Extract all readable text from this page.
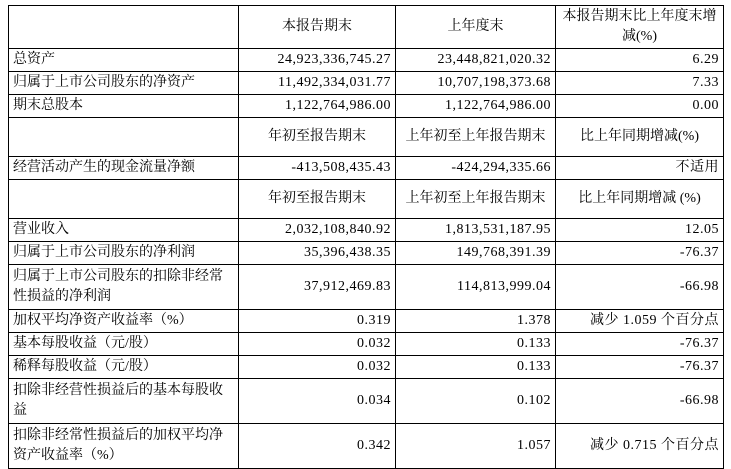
	本报告期末	上年度末	本报告期末比上年度末增减(%)
总资产	24,923,336,745.27	23,448,821,020.32	6.29
归属于上市公司股东的净资产	11,492,334,031.77	10,707,198,373.68	7.33
期末总股本	1,122,764,986.00	1,122,764,986.00	0.00
	年初至报告期末	上年初至上年报告期末	比上年同期增减(%)
经营活动产生的现金流量净额	-413,508,435.43	-424,294,335.66	不适用
	年初至报告期末	上年初至上年报告期末	比上年同期增减 (%)
营业收入	2,032,108,840.92	1,813,531,187.95	12.05
归属于上市公司股东的净利润	35,396,438.35	149,768,391.39	-76.37
归属于上市公司股东的扣除非经常性损益的净利润	37,912,469.83	114,813,999.04	-66.98
加权平均净资产收益率（%）	0.319	1.378	减少 1.059 个百分点
基本每股收益（元/股）	0.032	0.133	-76.37
稀释每股收益（元/股）	0.032	0.133	-76.37
扣除非经营性损益后的基本每股收益	0.034	0.102	-66.98
扣除非经常性损益后的加权平均净资产收益率（%）	0.342	1.057	减少 0.715 个百分点
